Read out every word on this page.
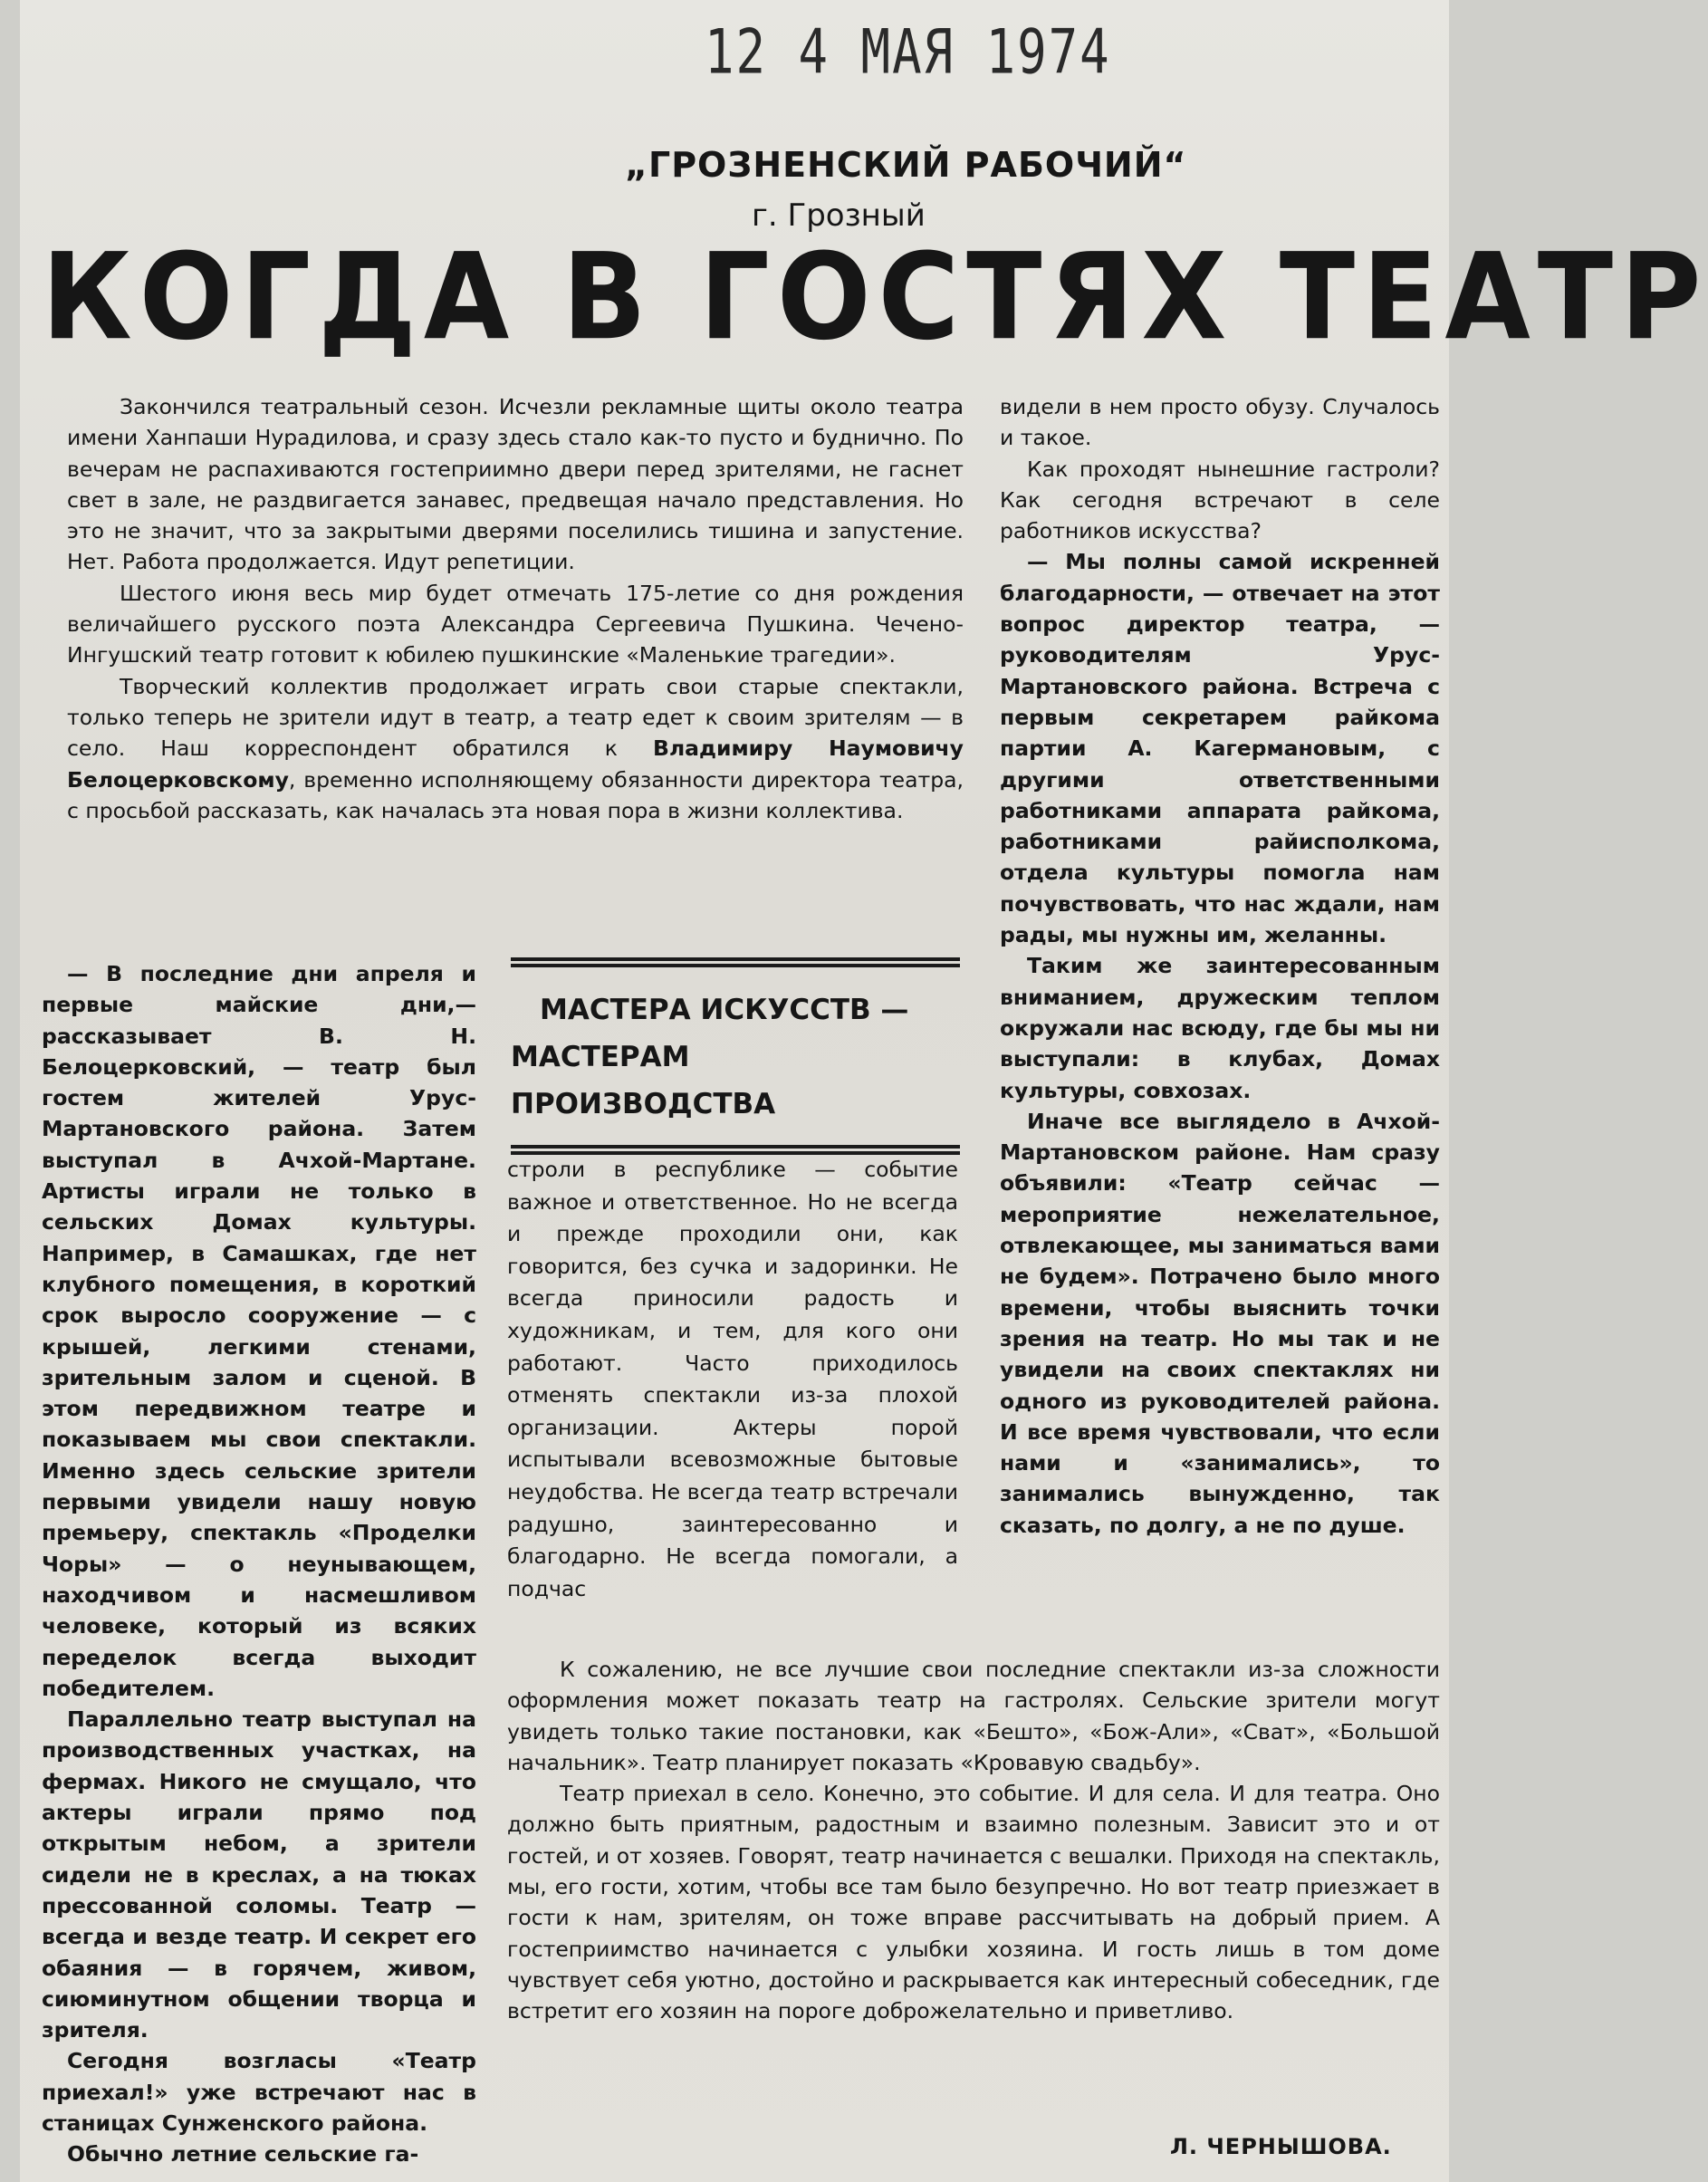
12 4 МАЯ 1974
„ГРОЗНЕНСКИЙ РАБОЧИЙ“
г. Грозный
КОГДА В ГОСТЯХ ТЕАТР

Закончился театральный сезон. Исчезли рекламные щиты около театра имени Ханпаши Нурадилова, и сразу здесь стало как-то пусто и буднично. По вечерам не распахиваются гостеприимно двери перед зрителями, не гаснет свет в зале, не раздвигается занавес, предвещая начало представления. Но это не значит, что за закрытыми дверями поселились тишина и запустение. Нет. Работа продолжается. Идут репетиции.

Шестого июня весь мир будет отмечать 175-летие со дня рождения величайшего русского поэта Александра Сергеевича Пушкина. Чечено-Ингушский театр готовит к юбилею пушкинские «Маленькие трагедии».

Творческий коллектив продолжает играть свои старые спектакли, только теперь не зрители идут в театр, а театр едет к своим зрителям — в село. Наш корреспондент обратился к Владимиру Наумовичу Белоцерковскому, временно исполняющему обязанности директора театра, с просьбой рассказать, как началась эта новая пора в жизни коллектива.

видели в нем просто обузу. Случалось и такое.

Как проходят нынешние гастроли? Как сегодня встречают в селе работников искусства?

— Мы полны самой искренней благодарности, — отвечает на этот вопрос директор театра, — руководителям Урус-Мартановского района. Встреча с первым секретарем райкома партии А. Кагермановым, с другими ответственными работниками аппарата райкома, работниками райисполкома, отдела культуры помогла нам почувствовать, что нас ждали, нам рады, мы нужны им, желанны.

Таким же заинтересованным вниманием, дружеским теплом окружали нас всюду, где бы мы ни выступали: в клубах, Домах культуры, совхозах.

Иначе все выглядело в Ачхой-Мартановском районе. Нам сразу объявили: «Театр сейчас — мероприятие нежелательное, отвлекающее, мы заниматься вами не будем». Потрачено было много времени, чтобы выяснить точки зрения на театр. Но мы так и не увидели на своих спектаклях ни одного из руководителей района. И все время чувствовали, что если нами и «занимались», то занимались вынужденно, так сказать, по долгу, а не по душе.

— В последние дни апреля и первые майские дни,— рассказывает В. Н. Белоцерковский, — театр был гостем жителей Урус-Мартановского района. Затем выступал в Ачхой-Мартане. Артисты играли не только в сельских Домах культуры. Например, в Самашках, где нет клубного помещения, в короткий срок выросло сооружение — с крышей, легкими стенами, зрительным залом и сценой. В этом передвижном театре и показываем мы свои спектакли. Именно здесь сельские зрители первыми увидели нашу новую премьеру, спектакль «Проделки Чоры» — о неунывающем, находчивом и насмешливом человеке, который из всяких переделок всегда выходит победителем.

Параллельно театр выступал на производственных участках, на фермах. Никого не смущало, что актеры играли прямо под открытым небом, а зрители сидели не в креслах, а на тюках прессованной соломы. Театр — всегда и везде театр. И секрет его обаяния — в горячем, живом, сиюминутном общении творца и зрителя.

Сегодня возгласы «Театр приехал!» уже встречают нас в станицах Сунженского района.

Обычно летние сельские га-

МАСТЕРА ИСКУССТВ —
МАСТЕРАМ ПРОИЗВОДСТВА

строли в республике — событие важное и ответственное. Но не всегда и прежде проходили они, как говорится, без сучка и задоринки. Не всегда приносили радость и художникам, и тем, для кого они работают. Часто приходилось отменять спектакли из-за плохой организации. Актеры порой испытывали всевозможные бытовые неудобства. Не всегда театр встречали радушно, заинтересованно и благодарно. Не всегда помогали, а подчас

К сожалению, не все лучшие свои последние спектакли из-за сложности оформления может показать театр на гастролях. Сельские зрители могут увидеть только такие постановки, как «Бешто», «Бож-Али», «Сват», «Большой начальник». Театр планирует показать «Кровавую свадьбу».

Театр приехал в село. Конечно, это событие. И для села. И для театра. Оно должно быть приятным, радостным и взаимно полезным. Зависит это и от гостей, и от хозяев. Говорят, театр начинается с вешалки. Приходя на спектакль, мы, его гости, хотим, чтобы все там было безупречно. Но вот театр приезжает в гости к нам, зрителям, он тоже вправе рассчитывать на добрый прием. А гостеприимство начинается с улыбки хозяина. И гость лишь в том доме чувствует себя уютно, достойно и раскрывается как интересный собеседник, где встретит его хозяин на пороге доброжелательно и приветливо.

Л. ЧЕРНЫШОВА.
